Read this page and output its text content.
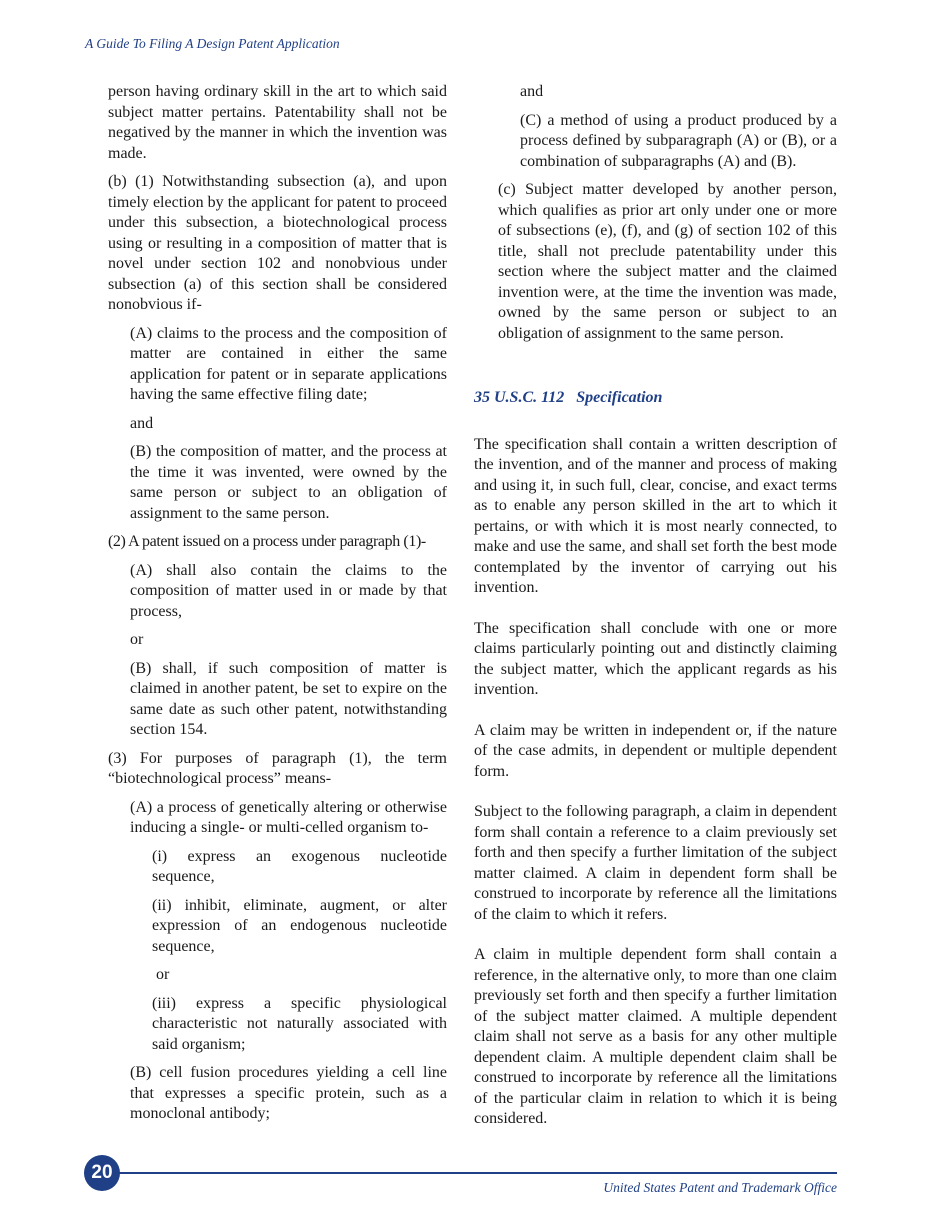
A Guide To Filing A Design Patent Application

person having ordinary skill in the art to which said subject matter pertains. Patentability shall not be negatived by the manner in which the invention was made.

(b) (1) Notwithstanding subsection (a), and upon timely election by the applicant for patent to proceed under this subsection, a biotechnological process using or resulting in a composition of matter that is novel under section 102 and nonobvious under subsection (a) of this section shall be considered nonobvious if-

(A) claims to the process and the composition of matter are contained in either the same application for patent or in separate applications having the same effective filing date;

and

(B) the composition of matter, and the process at the time it was invented, were owned by the same person or subject to an obligation of assignment to the same person.

(2) A patent issued on a process under paragraph (1)-

(A) shall also contain the claims to the composition of matter used in or made by that process,

or

(B) shall, if such composition of matter is claimed in another patent, be set to expire on the same date as such other patent, notwithstanding section 154.

(3) For purposes of paragraph (1), the term “biotechnological process” means-

(A) a process of genetically altering or otherwise inducing a single- or multi-celled organism to-

(i) express an exogenous nucleotide sequence,

(ii) inhibit, eliminate, augment, or alter expression of an endogenous nucleotide sequence,

or

(iii) express a specific physiological characteristic not naturally associated with said organism;

(B) cell fusion procedures yielding a cell line that expresses a specific protein, such as a monoclonal antibody;

and

(C) a method of using a product produced by a process defined by subparagraph (A) or (B), or a combination of subparagraphs (A) and (B).

(c) Subject matter developed by another person, which qualifies as prior art only under one or more of subsections (e), (f), and (g) of section 102 of this title, shall not preclude patentability under this section where the subject matter and the claimed invention were, at the time the invention was made, owned by the same person or subject to an obligation of assignment to the same person.

35 U.S.C. 112   Specification

The specification shall contain a written description of the invention, and of the manner and process of making and using it, in such full, clear, concise, and exact terms as to enable any person skilled in the art to which it pertains, or with which it is most nearly connected, to make and use the same, and shall set forth the best mode contemplated by the inventor of carrying out his invention.

The specification shall conclude with one or more claims particularly pointing out and distinctly claiming the subject matter, which the applicant regards as his invention.

A claim may be written in independent or, if the nature of the case admits, in dependent or multiple dependent form.

Subject to the following paragraph, a claim in dependent form shall contain a reference to a claim previously set forth and then specify a further limitation of the subject matter claimed. A claim in dependent form shall be construed to incorporate by reference all the limitations of the claim to which it refers.

A claim in multiple dependent form shall contain a reference, in the alternative only, to more than one claim previously set forth and then specify a further limitation of the subject matter claimed. A multiple dependent claim shall not serve as a basis for any other multiple dependent claim. A multiple dependent claim shall be construed to incorporate by reference all the limitations of the particular claim in relation to which it is being considered.

20
United States Patent and Trademark Office
